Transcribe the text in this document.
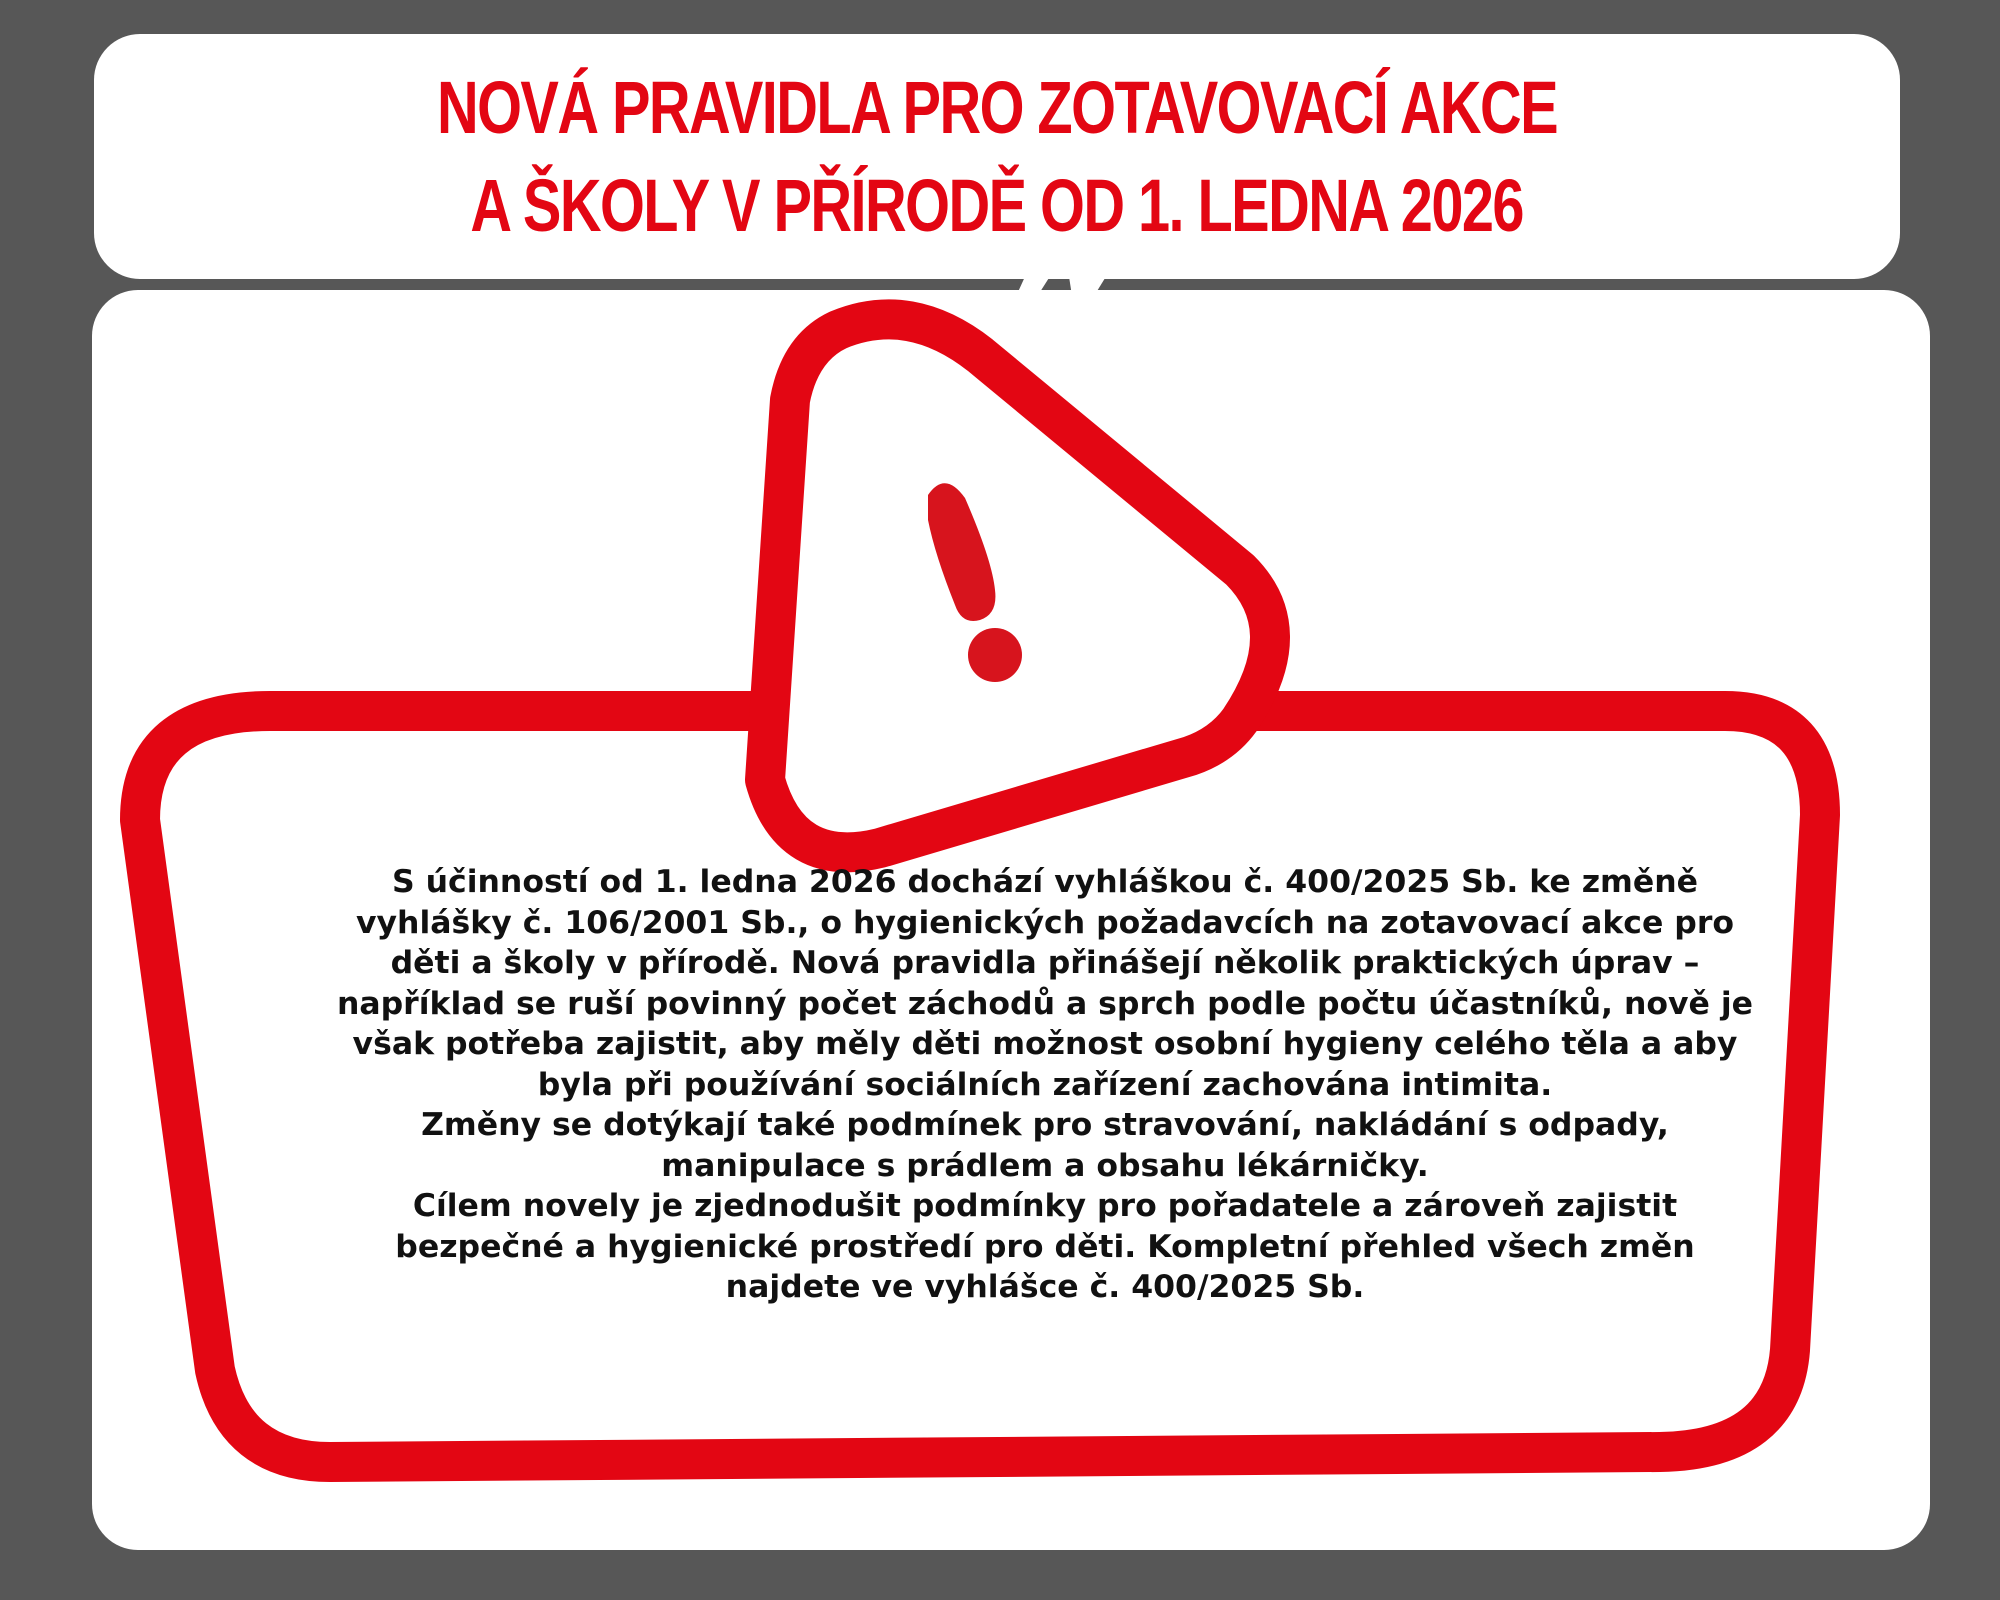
NOVÁ PRAVIDLA PRO ZOTAVOVACÍ AKCE
A ŠKOLY V PŘÍRODĚ OD 1. LEDNA 2026

S účinností od 1. ledna 2026 dochází vyhláškou č. 400/2025 Sb. ke změně vyhlášky č. 106/2001 Sb., o hygienických požadavcích na zotavovací akce pro děti a školy v přírodě. Nová pravidla přinášejí několik praktických úprav – například se ruší povinný počet záchodů a sprch podle počtu účastníků, nově je však potřeba zajistit, aby měly děti možnost osobní hygieny celého těla a aby byla při používání sociálních zařízení zachována intimita.

Změny se dotýkají také podmínek pro stravování, nakládání s odpady, manipulace s prádlem a obsahu lékárničky.

Cílem novely je zjednodušit podmínky pro pořadatele a zároveň zajistit bezpečné a hygienické prostředí pro děti. Kompletní přehled všech změn najdete ve vyhlášce č. 400/2025 Sb.
